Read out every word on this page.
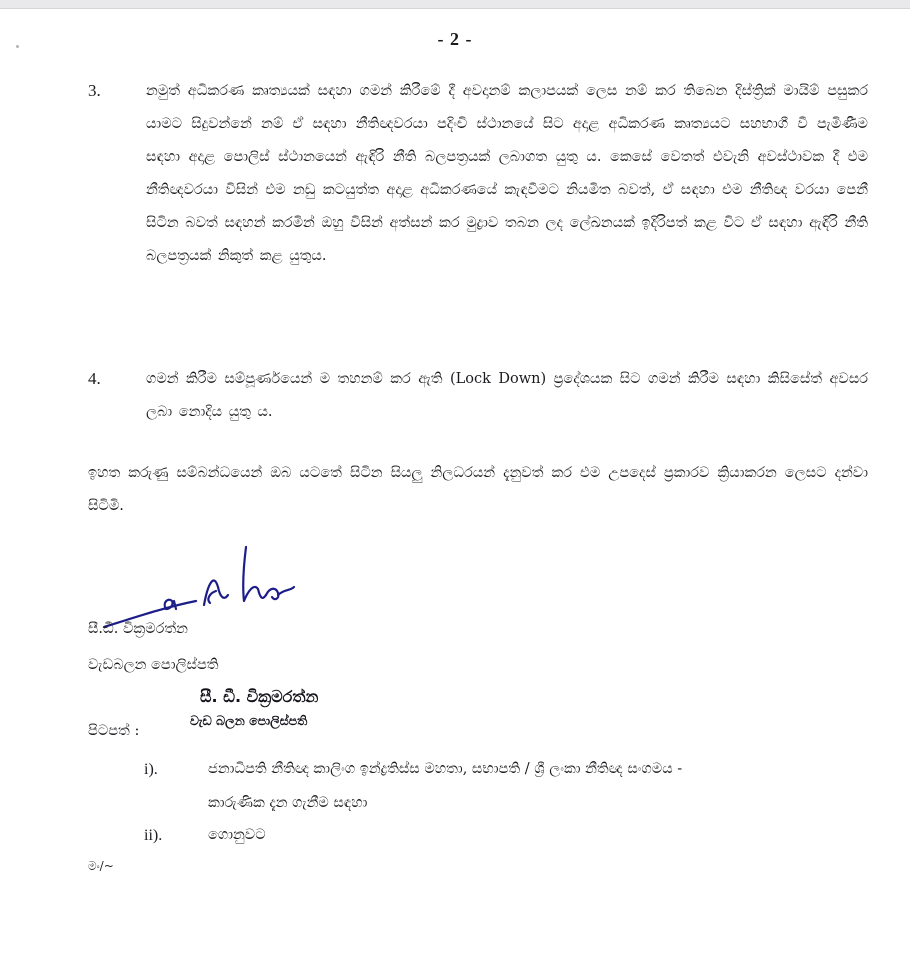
- 2 -
3.	නමුත් අධිකරණ කෘත්‍යයක් සඳහා ගමන් කිරීමේ දී අවදානම් කලාපයක් ලෙස නම් කර තිබෙන දිස්ත්‍රික් මායිම් පසුකර යාමට සිදුවන්නේ නම් ඒ සඳහා නීතිඥවරයා පදිංචි ස්ථානයේ සිට අදාළ අධිකරණ කෘත්‍යයට සහභාගී වී පැමිණීම සඳහා අදාළ පොලිස් ස්ථානයෙන් ඇඳිරි නීති බලපත්‍රයක් ලබාගත යුතු ය. කෙසේ වෙතත් එවැනි අවස්ථාවක දී එම නීතිඥවරයා විසින් එම නඩු කටයුත්ත අදාළ අධිකරණයේ කැඳවීමට නියමිත බවත්, ඒ සඳහා එම නීතිඥ වරයා පෙනී සිටින බවත් සඳහන් කරමින් ඔහු විසින් අත්සන් කර මුද්‍රාව තබන ලද ලේඛනයක් ඉදිරිපත් කළ විට ඒ සඳහා ඇඳිරි නීති බලපත්‍රයක් නිකුත් කළ යුතුය.
4.	ගමන් කිරීම සම්පූර්ණයෙන් ම තහනම් කර ඇති (Lock Down) ප්‍රදේශයක සිට ගමන් කිරීම සඳහා කිසිසේත් අවසර ලබා නොදිය යුතු ය.
ඉහත කරුණු සම්බන්ධයෙන් ඔබ යටතේ සිටින සියලු නිලධරයන් දැනුවත් කර එම උපදෙස් ප්‍රකාරව ක්‍රියාකරන ලෙසට දන්වා සිටිමි.
සී.ඩී. වික්‍රමරත්න
වැඩබලන පොලිස්පති
සී. ඩී. වික්‍රමරත්න
වැඩ බලන පොලිස්පති
පිටපත් :
i).	ජනාධිපති නීතිඥ කාලිංග ඉන්ද්‍රතිස්ස මහතා, සභාපති / ශ්‍රී ලංකා නීතිඥ සංගමය -
කාරුණික දැන ගැනීම සඳහා
ii).	ගොනුවට
මං/~
